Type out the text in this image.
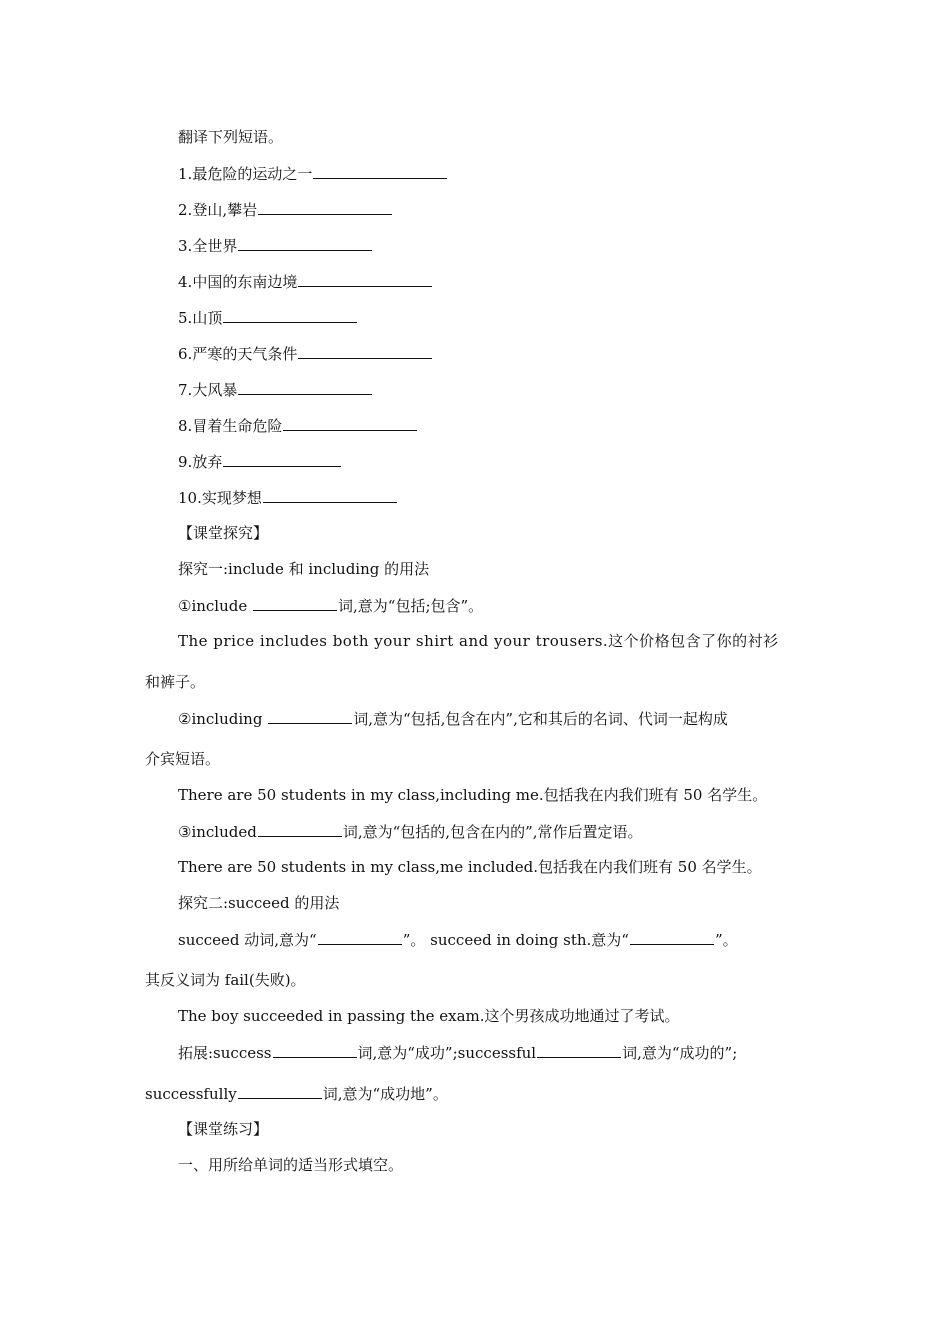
翻译下列短语。
1.最危险的运动之一
2.登山,攀岩
3.全世界
4.中国的东南边境
5.山顶
6.严寒的天气条件
7.大风暴
8.冒着生命危险
9.放弃
10.实现梦想
【课堂探究】
探究一:include 和 including 的用法
①include	词,意为“包括;包含”。
The price includes both your shirt and your trousers.这个价格包含了你的衬衫
和裤子。
②including	词,意为“包括,包含在内”,它和其后的名词、代词一起构成
介宾短语。
There are 50 students in my class,including me.包括我在内我们班有 50 名学生。
③included	词,意为“包括的,包含在内的”,常作后置定语。
There are 50 students in my class,me included.包括我在内我们班有 50 名学生。
探究二:succeed 的用法
succeed 动词,意为“	”。 succeed in doing sth.意为“	”。
其反义词为 fail(失败)。
The boy succeeded in passing the exam.这个男孩成功地通过了考试。
拓展:success	词,意为“成功”;successful	词,意为“成功的”;
successfully	词,意为“成功地”。
【课堂练习】
一、用所给单词的适当形式填空。
